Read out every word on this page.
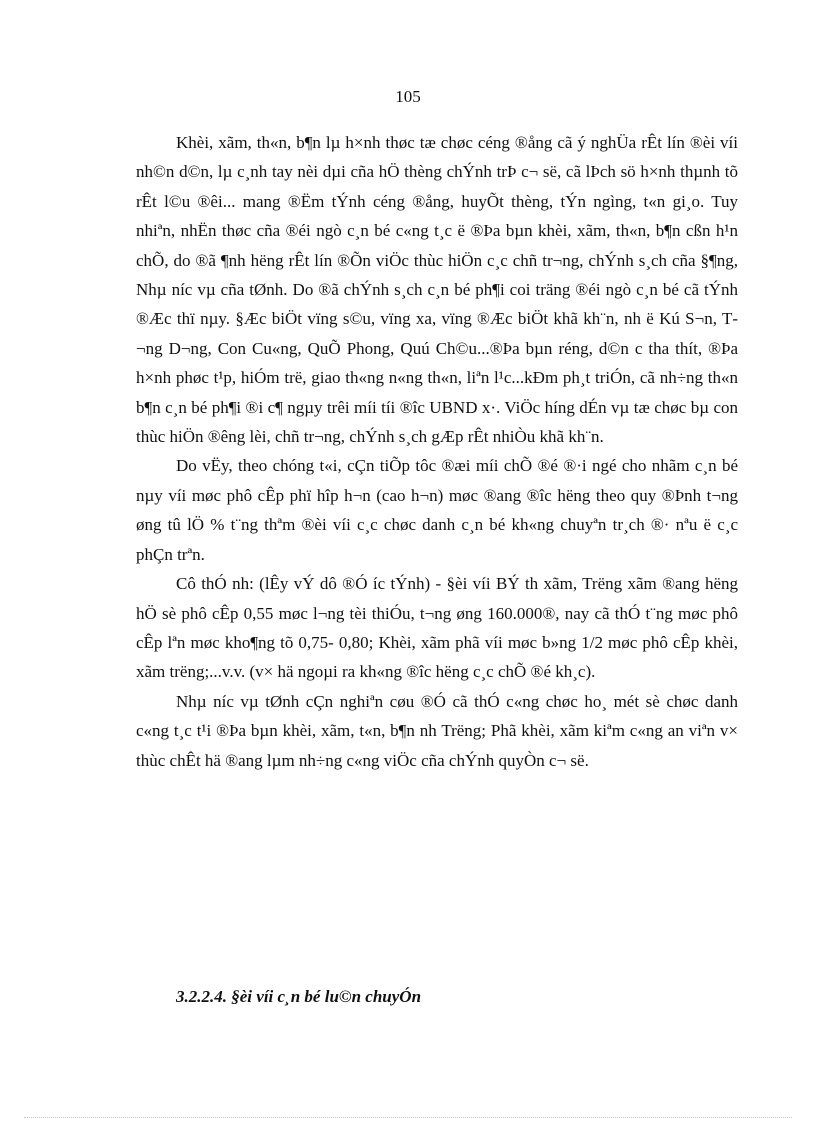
105

Khèi, xãm, th«n, b¶n lµ h×nh thøc tæ chøc céng ®ång cã ý nghÜa rÊt lín ®èi víi nh©n d©n, lµ c¸nh tay nèi dµi cña hÖ thèng chÝnh trÞ c¬ së, cã lÞch sö h×nh thµnh tõ rÊt l©u ®êi... mang ®Ëm tÝnh céng ®ång, huyÕt thèng, tÝn ngìng, t«n gi¸o. Tuy nhiªn, nhËn thøc cña ®éi ngò c¸n bé c«ng t¸c ë ®Þa bµn khèi, xãm, th«n, b¶n cßn h¹n chÕ, do ®ã ¶nh hëng rÊt lín ®Õn viÖc thùc hiÖn c¸c chñ tr¬ng, chÝnh s¸ch cña §¶ng, Nhµ níc vµ cña tØnh. Do ®ã chÝnh s¸ch c¸n bé ph¶i coi träng ®éi ngò c¸n bé cã tÝnh ®Æc thï nµy. §Æc biÖt vïng s©u, vïng xa, vïng ®Æc biÖt khã kh¨n, nh ë Kú S¬n, T¬ng D¬ng, Con Cu«ng, QuÕ Phong, Quú Ch©u...®Þa bµn réng, d©n c tha thít, ®Þa h×nh phøc t¹p, hiÓm trë, giao th«ng n«ng th«n, liªn l¹c...kÐm ph¸t triÓn, cã nh÷ng th«n b¶n c¸n bé ph¶i ®i c¶ ngµy trêi míi tíi ®îc UBND x·. ViÖc híng dÉn vµ tæ chøc bµ con thùc hiÖn ®êng lèi, chñ tr¬ng, chÝnh s¸ch gÆp rÊt nhiÒu khã kh¨n.

Do vËy, theo chóng t«i, cÇn tiÕp tôc ®æi míi chÕ ®é ®·i ngé cho nhãm c¸n bé nµy víi møc phô cÊp phï hîp h¬n (cao h¬n) møc ®ang ®îc hëng theo quy ®Þnh t¬ng øng tû lÖ % t¨ng thªm ®èi víi c¸c chøc danh c¸n bé kh«ng chuyªn tr¸ch ®· nªu ë c¸c phÇn trªn.

Cô thÓ nh: (lÊy vÝ dô ®Ó íc tÝnh) - §èi víi BÝ th xãm, Trëng xãm ®ang hëng hÖ sè phô cÊp 0,55 møc l¬ng tèi thiÓu, t¬ng øng 160.000®, nay cã thÓ t¨ng møc phô cÊp lªn møc kho¶ng tõ 0,75- 0,80; Khèi, xãm phã víi møc b»ng 1/2 møc phô cÊp khèi, xãm trëng;...v.v. (v× hä ngoµi ra kh«ng ®îc hëng c¸c chÕ ®é kh¸c).

Nhµ níc vµ tØnh cÇn nghiªn cøu ®Ó cã thÓ c«ng chøc ho¸ mét sè chøc danh c«ng t¸c t¹i ®Þa bµn khèi, xãm, t«n, b¶n nh Trëng; Phã khèi, xãm kiªm c«ng an viªn v× thùc chÊt hä ®ang lµm nh÷ng c«ng viÖc cña chÝnh quyÒn c¬ së.

3.2.2.4. §èi víi c¸n bé lu©n chuyÓn
